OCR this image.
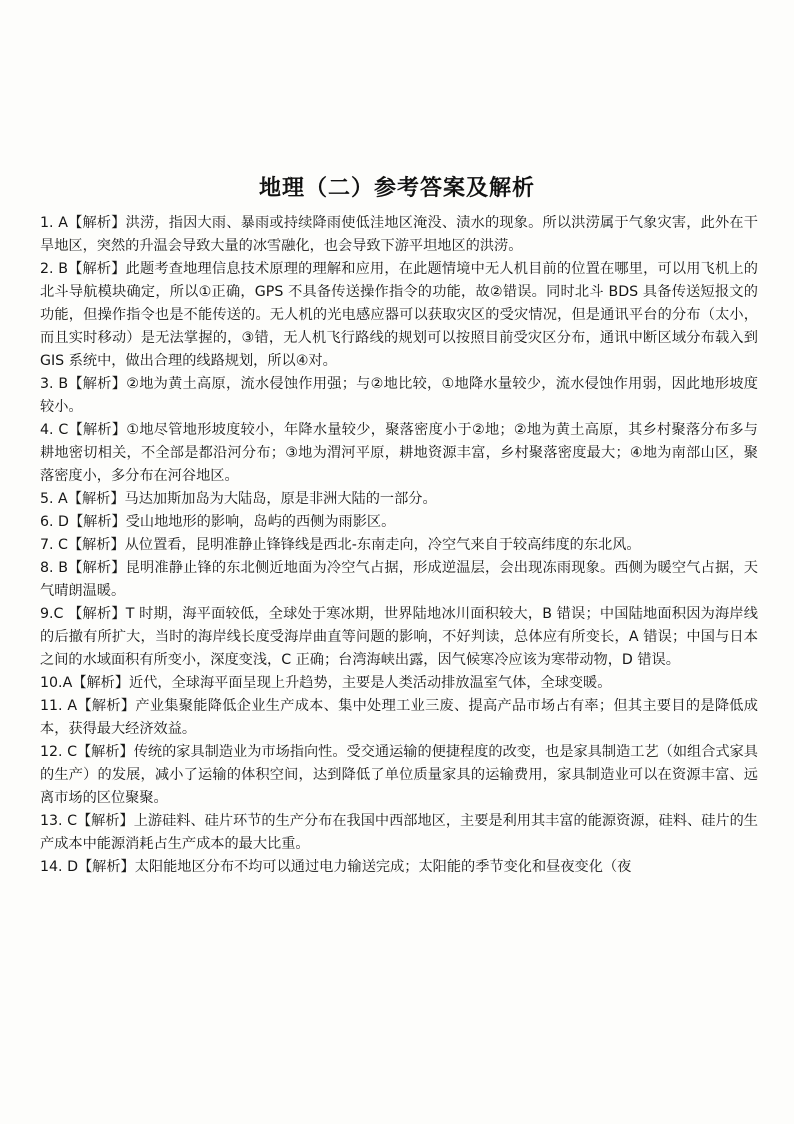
地理（二）参考答案及解析
1. A【解析】洪涝，指因大雨、暴雨或持续降雨使低洼地区淹没、渍水的现象。所以洪涝属于气象灾害，此外在干旱地区，突然的升温会导致大量的冰雪融化，也会导致下游平坦地区的洪涝。
2. B【解析】此题考查地理信息技术原理的理解和应用，在此题情境中无人机目前的位置在哪里，可以用飞机上的北斗导航模块确定，所以①正确，GPS 不具备传送操作指令的功能，故②错误。同时北斗 BDS 具备传送短报文的功能，但操作指令也是不能传送的。无人机的光电感应器可以获取灾区的受灾情况，但是通讯平台的分布（太小，而且实时移动）是无法掌握的，③错，无人机飞行路线的规划可以按照目前受灾区分布，通讯中断区域分布载入到 GIS 系统中，做出合理的线路规划，所以④对。
3. B【解析】②地为黄土高原，流水侵蚀作用强；与②地比较，①地降水量较少，流水侵蚀作用弱，因此地形坡度较小。
4. C【解析】①地尽管地形坡度较小，年降水量较少，聚落密度小于②地；②地为黄土高原，其乡村聚落分布多与耕地密切相关，不全部是都沿河分布；③地为渭河平原，耕地资源丰富，乡村聚落密度最大；④地为南部山区，聚落密度小，多分布在河谷地区。
5. A【解析】马达加斯加岛为大陆岛，原是非洲大陆的一部分。
6. D【解析】受山地地形的影响，岛屿的西侧为雨影区。
7. C【解析】从位置看，昆明准静止锋锋线是西北-东南走向，冷空气来自于较高纬度的东北风。
8. B【解析】昆明准静止锋的东北侧近地面为冷空气占据，形成逆温层，会出现冻雨现象。西侧为暖空气占据，天气晴朗温暖。
9.C 【解析】T 时期，海平面较低，全球处于寒冰期，世界陆地冰川面积较大，B 错误；中国陆地面积因为海岸线的后撤有所扩大，当时的海岸线长度受海岸曲直等问题的影响，不好判读，总体应有所变长，A 错误；中国与日本之间的水域面积有所变小，深度变浅，C 正确；台湾海峡出露，因气候寒冷应该为寒带动物，D 错误。
10.A【解析】近代，全球海平面呈现上升趋势，主要是人类活动排放温室气体，全球变暖。
11. A【解析】产业集聚能降低企业生产成本、集中处理工业三废、提高产品市场占有率；但其主要目的是降低成本，获得最大经济效益。
12. C【解析】传统的家具制造业为市场指向性。受交通运输的便捷程度的改变，也是家具制造工艺（如组合式家具的生产）的发展，减小了运输的体积空间，达到降低了单位质量家具的运输费用，家具制造业可以在资源丰富、远离市场的区位聚聚。
13. C【解析】上游硅料、硅片环节的生产分布在我国中西部地区，主要是利用其丰富的能源资源，硅料、硅片的生产成本中能源消耗占生产成本的最大比重。
14. D【解析】太阳能地区分布不均可以通过电力输送完成；太阳能的季节变化和昼夜变化（夜
